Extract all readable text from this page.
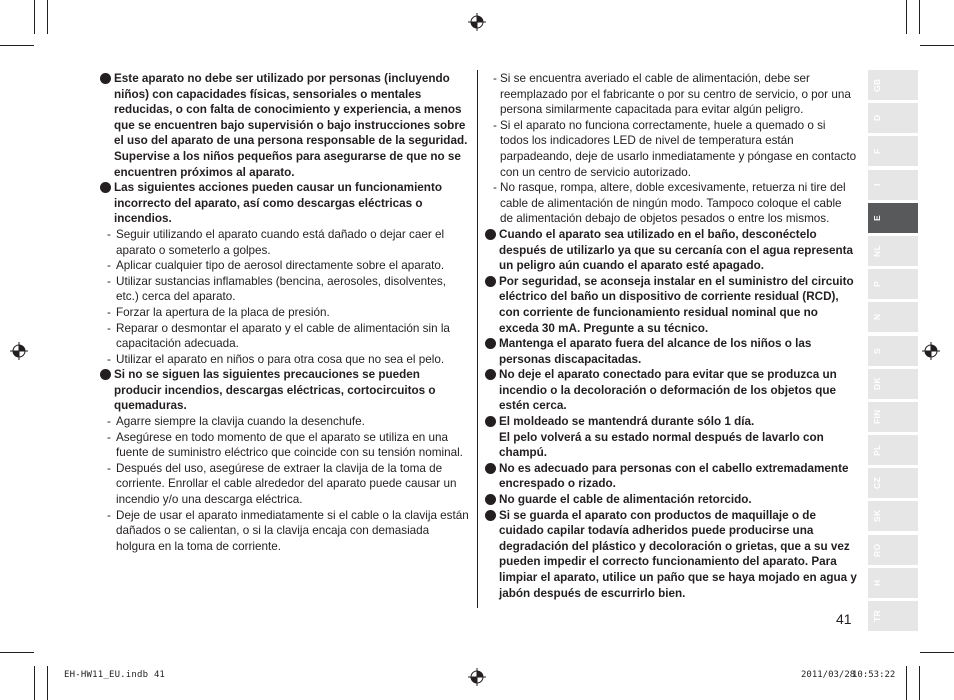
Este aparato no debe ser utilizado por personas (incluyendo niños) con capacidades físicas, sensoriales o mentales reducidas, o con falta de conocimiento y experiencia, a menos que se encuentren bajo supervisión o bajo instrucciones sobre el uso del aparato de una persona responsable de la seguridad. Supervise a los niños pequeños para asegurarse de que no se encuentren próximos al aparato.

Las siguientes acciones pueden causar un funcionamiento incorrecto del aparato, así como descargas eléctricas o incendios.

- Seguir utilizando el aparato cuando está dañado o dejar caer el aparato o someterlo a golpes.

- Aplicar cualquier tipo de aerosol directamente sobre el aparato.

- Utilizar sustancias inflamables (bencina, aerosoles, disolventes, etc.) cerca del aparato.

- Forzar la apertura de la placa de presión.

- Reparar o desmontar el aparato y el cable de alimentación sin la capacitación adecuada.

- Utilizar el aparato en niños o para otra cosa que no sea el pelo.

Si no se siguen las siguientes precauciones se pueden producir incendios, descargas eléctricas, cortocircuitos o quemaduras.

- Agarre siempre la clavija cuando la desenchufe.

- Asegúrese en todo momento de que el aparato se utiliza en una fuente de suministro eléctrico que coincide con su tensión nominal.

- Después del uso, asegúrese de extraer la clavija de la toma de corriente. Enrollar el cable alrededor del aparato puede causar un incendio y/o una descarga eléctrica.

- Deje de usar el aparato inmediatamente si el cable o la clavija están dañados o se calientan, o si la clavija encaja con demasiada holgura en la toma de corriente.

- Si se encuentra averiado el cable de alimentación, debe ser reemplazado por el fabricante o por su centro de servicio, o por una persona similarmente capacitada para evitar algún peligro.

- Si el aparato no funciona correctamente, huele a quemado o si todos los indicadores LED de nivel de temperatura están parpadeando, deje de usarlo inmediatamente y póngase en contacto con un centro de servicio autorizado.

- No rasque, rompa, altere, doble excesivamente, retuerza ni tire del cable de alimentación de ningún modo. Tampoco coloque el cable de alimentación debajo de objetos pesados o entre los mismos.

Cuando el aparato sea utilizado en el baño, desconéctelo después de utilizarlo ya que su cercanía con el agua representa un peligro aún cuando el aparato esté apagado.

Por seguridad, se aconseja instalar en el suministro del circuito eléctrico del baño un dispositivo de corriente residual (RCD), con corriente de funcionamiento residual nominal que no exceda 30 mA. Pregunte a su técnico.

Mantenga el aparato fuera del alcance de los niños o las personas discapacitadas.

No deje el aparato conectado para evitar que se produzca un incendio o la decoloración o deformación de los objetos que estén cerca.

El moldeado se mantendrá durante sólo 1 día.

El pelo volverá a su estado normal después de lavarlo con champú.

No es adecuado para personas con el cabello extremadamente encrespado o rizado.

No guarde el cable de alimentación retorcido.

Si se guarda el aparato con productos de maquillaje o de cuidado capilar todavía adheridos puede producirse una degradación del plástico y decoloración o grietas, que a su vez pueden impedir el correcto funcionamiento del aparato. Para limpiar el aparato, utilice un paño que se haya mojado en agua y jabón después de escurrirlo bien.

GB
D
F
I
E
NL
P
N
S
DK
FIN
PL
CZ
SK
RO
H
TR
41
EH-HW11_EU.indb 41	2011/03/28
10:53:22
